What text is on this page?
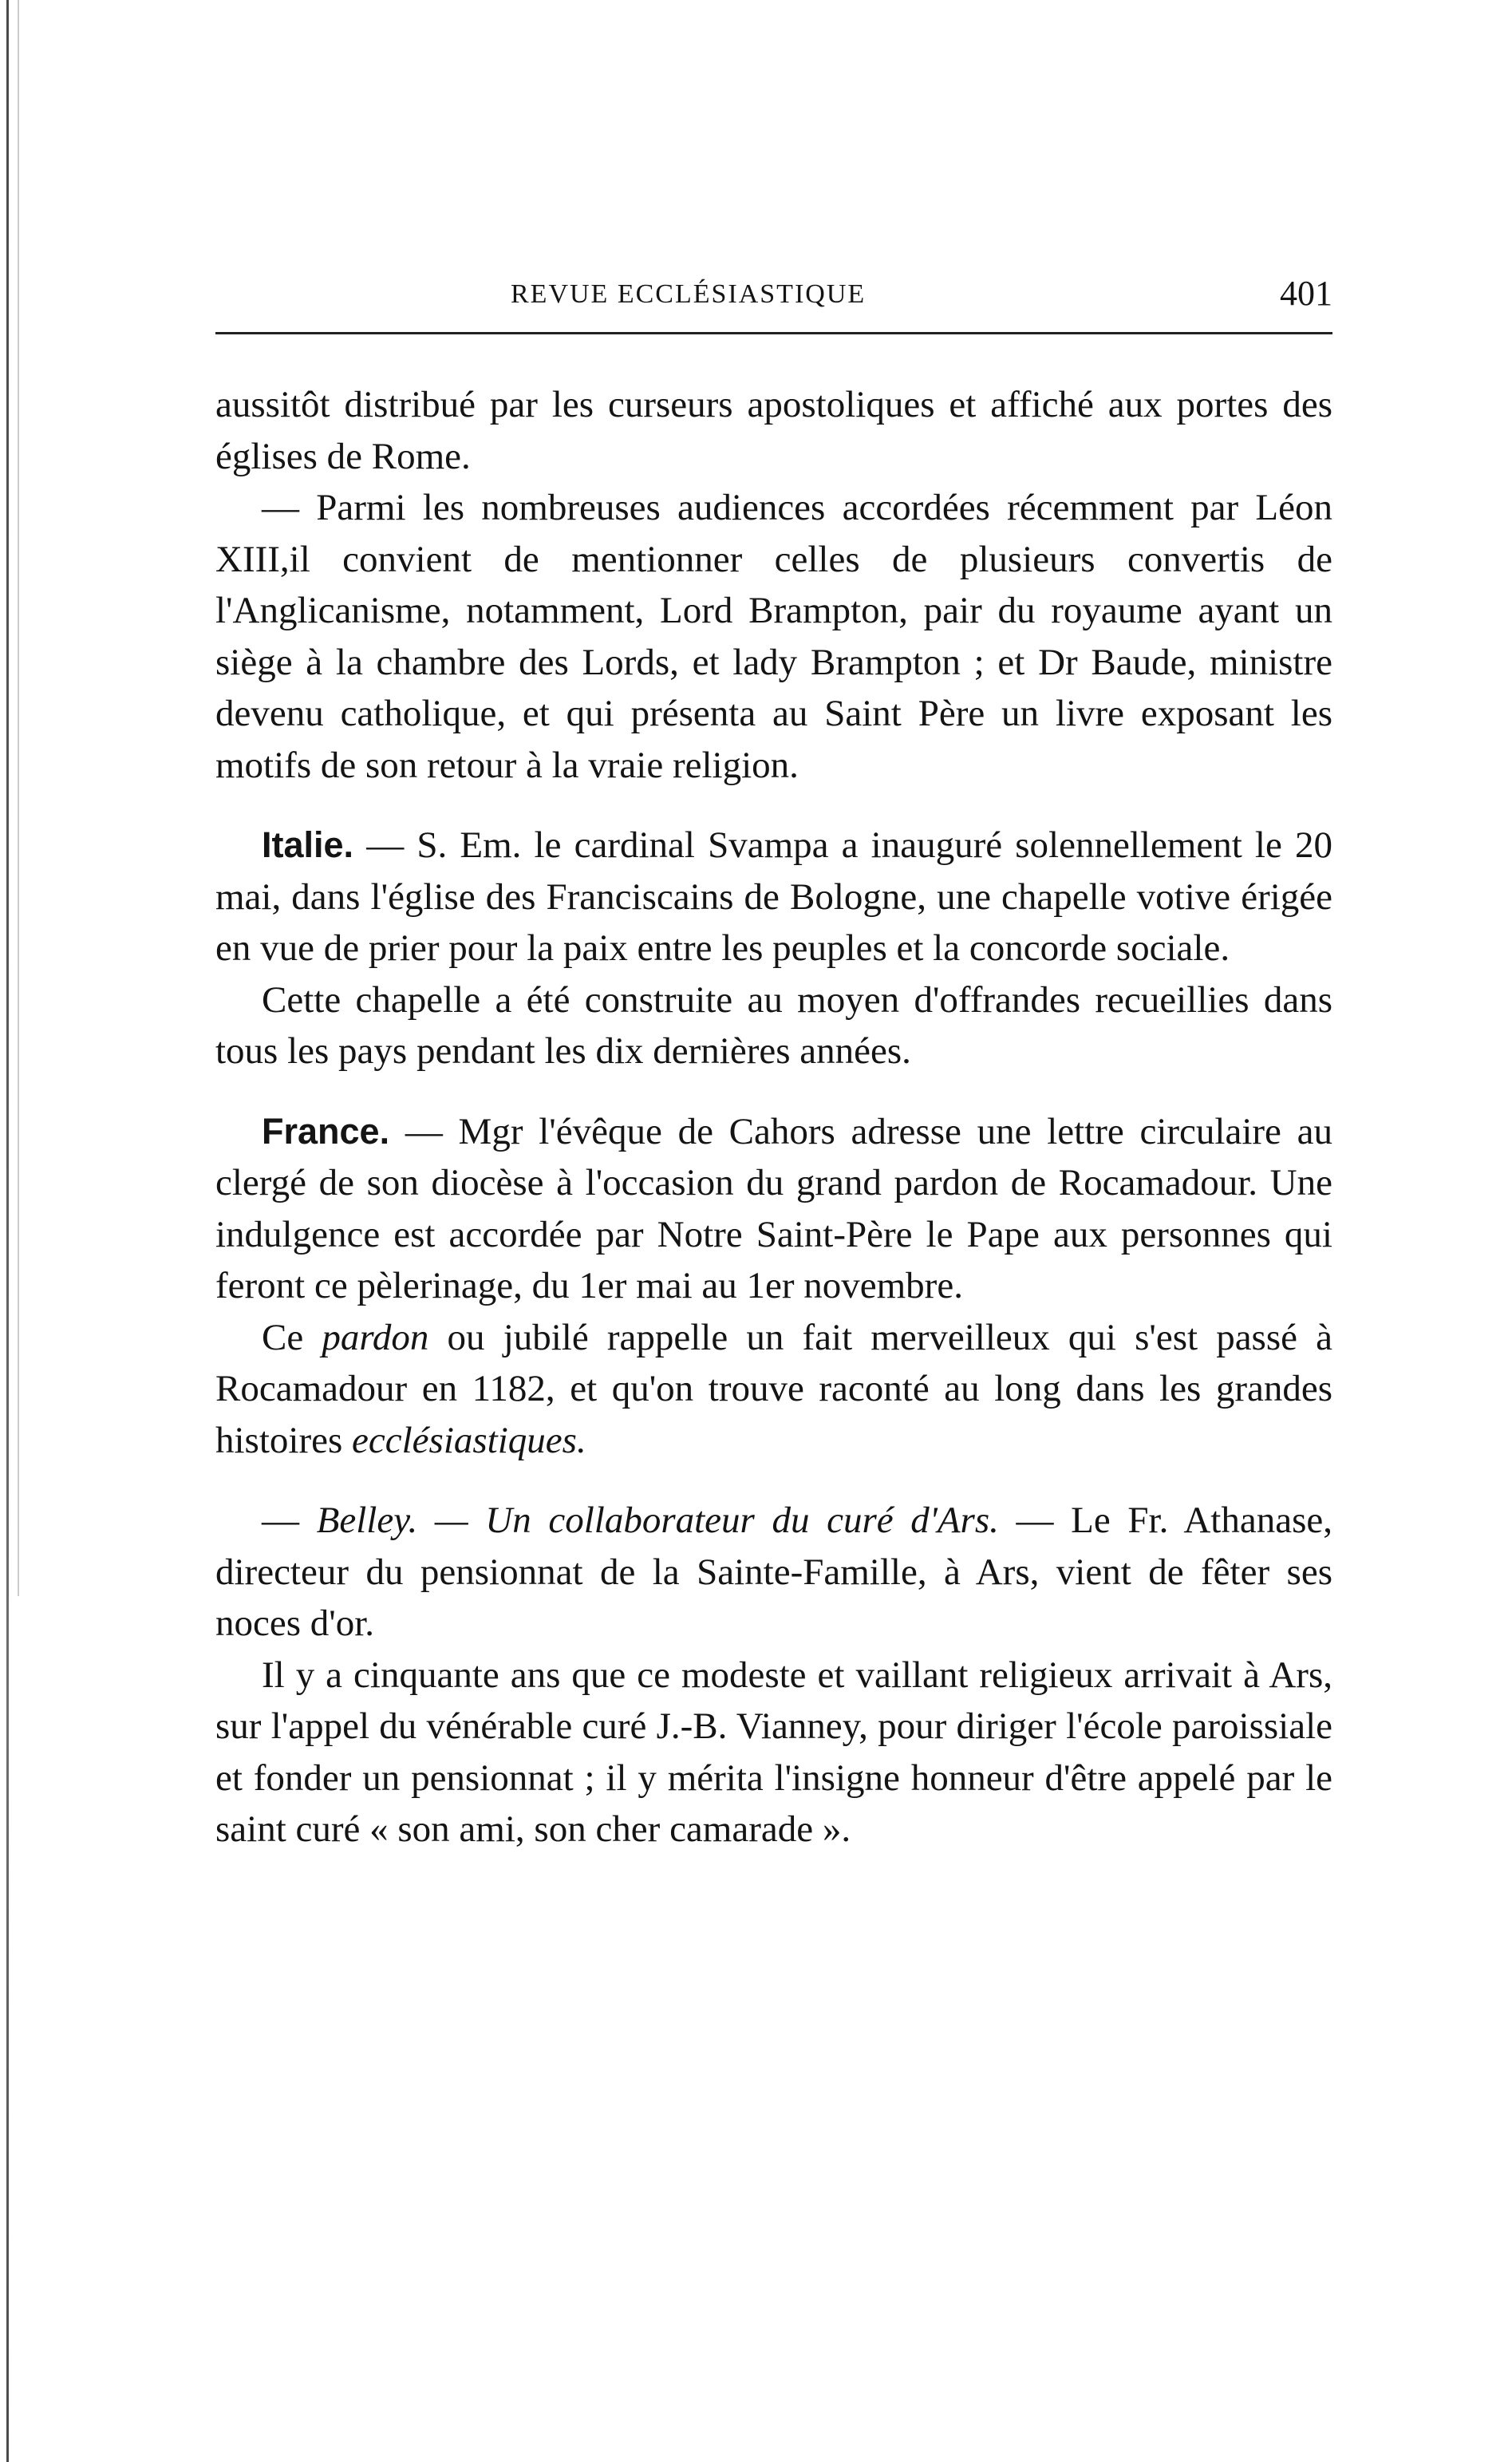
REVUE ECCLÉSIASTIQUE	401

aussitôt distribué par les curseurs apostoliques et affiché aux portes des églises de Rome.

— Parmi les nombreuses audiences accordées récemment par Léon XIII,il convient de mentionner celles de plusieurs convertis de l'Anglicanisme, notamment, Lord Brampton, pair du royaume ayant un siège à la chambre des Lords, et lady Brampton ; et Dr Baude, ministre devenu catholique, et qui présenta au Saint Père un livre exposant les motifs de son retour à la vraie religion.

Italie. — S. Em. le cardinal Svampa a inauguré solennellement le 20 mai, dans l'église des Franciscains de Bologne, une chapelle votive érigée en vue de prier pour la paix entre les peuples et la concorde sociale.

Cette chapelle a été construite au moyen d'offrandes recueillies dans tous les pays pendant les dix dernières années.

France. — Mgr l'évêque de Cahors adresse une lettre circulaire au clergé de son diocèse à l'occasion du grand pardon de Rocamadour. Une indulgence est accordée par Notre Saint-Père le Pape aux personnes qui feront ce pèlerinage, du 1er mai au 1er novembre.

Ce pardon ou jubilé rappelle un fait merveilleux qui s'est passé à Rocamadour en 1182, et qu'on trouve raconté au long dans les grandes histoires ecclésiastiques.

— Belley. — Un collaborateur du curé d'Ars. — Le Fr. Athanase, directeur du pensionnat de la Sainte-Famille, à Ars, vient de fêter ses noces d'or.

Il y a cinquante ans que ce modeste et vaillant religieux arrivait à Ars, sur l'appel du vénérable curé J.-B. Vianney, pour diriger l'école paroissiale et fonder un pensionnat ; il y mérita l'insigne honneur d'être appelé par le saint curé « son ami, son cher camarade ».
